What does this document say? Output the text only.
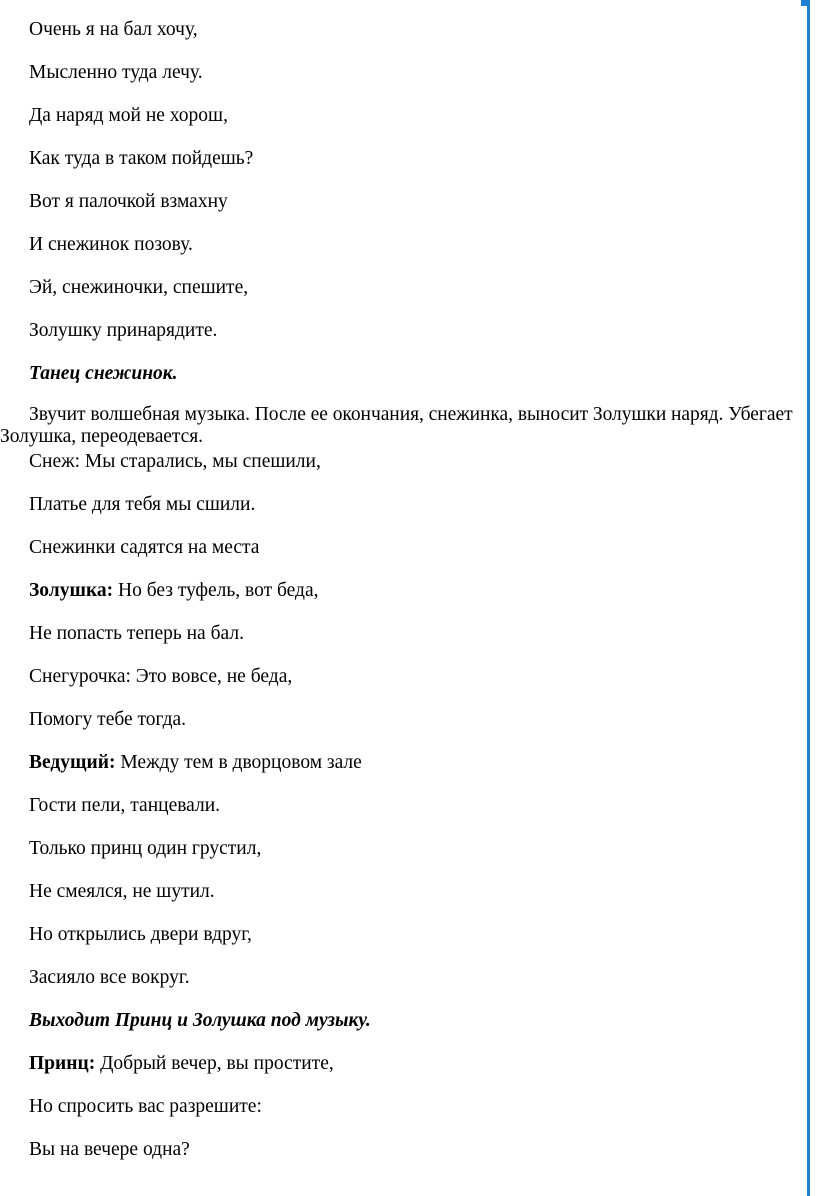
Очень я на бал хочу,

Мысленно туда лечу.

Да наряд мой не хорош,

Как туда в таком пойдешь?

Вот я палочкой взмахну

И снежинок позову.

Эй, снежиночки, спешите,

Золушку принарядите.

Танец снежинок.

Звучит волшебная музыка. После ее окончания, снежинка, выносит Золушки наряд. Убегает Золушка, переодевается.

Снеж: Мы старались, мы спешили,

Платье для тебя мы сшили.

Снежинки садятся на места

Золушка: Но без туфель, вот беда,

Не попасть теперь на бал.

Снегурочка: Это вовсе, не беда,

Помогу тебе тогда.

Ведущий: Между тем в дворцовом зале

Гости пели, танцевали.

Только принц один грустил,

Не смеялся, не шутил.

Но открылись двери вдруг,

Засияло все вокруг.

Выходит Принц и Золушка под музыку.

Принц: Добрый вечер, вы простите,

Но спросить вас разрешите:

Вы на вечере одна?
